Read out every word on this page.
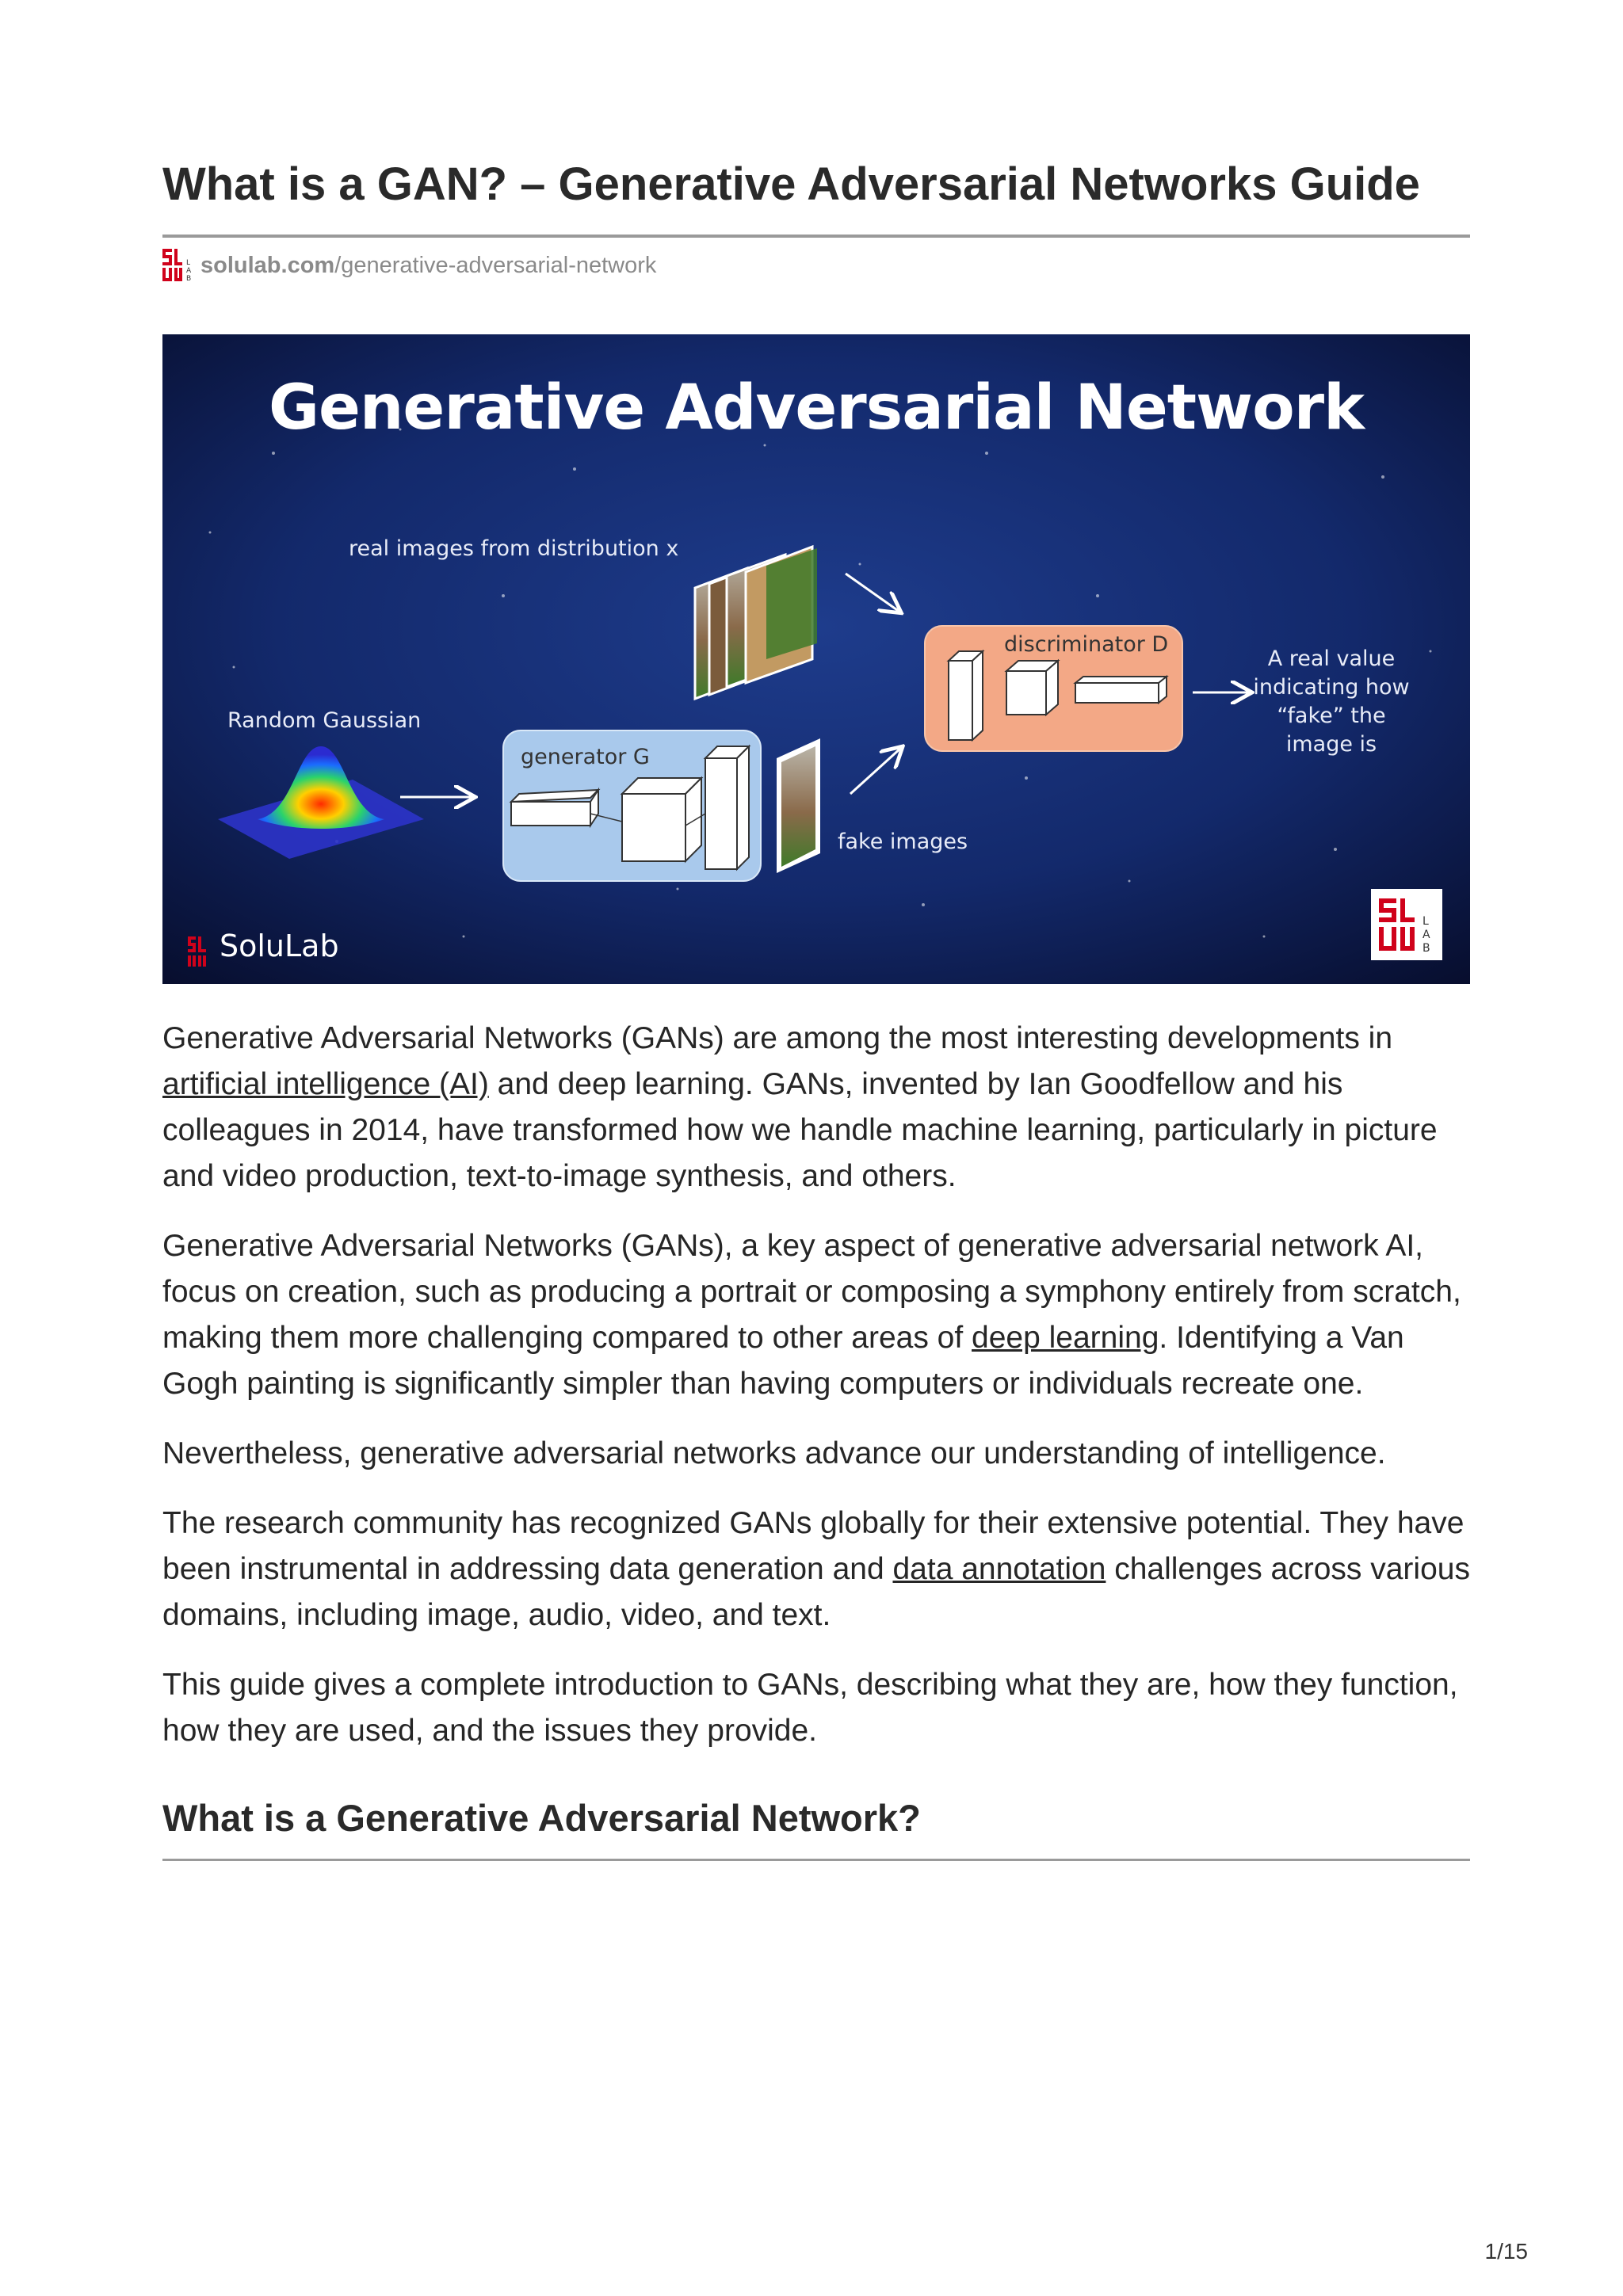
What is a GAN? – Generative Adversarial Networks Guide
L
A
B
solulab.com /generative-adversarial-network
L
A
B
Generative Adversarial Network
real images from distribution x
Random Gaussian
generator G
discriminator D
fake images
A real value indicating how “fake” the image is
SoluLab

Generative Adversarial Networks (GANs) are among the most interesting developments in artificial intelligence (AI) and deep learning. GANs, invented by Ian Goodfellow and his colleagues in 2014, have transformed how we handle machine learning, particularly in picture and video production, text-to-image synthesis, and others.

Generative Adversarial Networks (GANs), a key aspect of generative adversarial network AI, focus on creation, such as producing a portrait or composing a symphony entirely from scratch, making them more challenging compared to other areas of deep learning. Identifying a Van Gogh painting is significantly simpler than having computers or individuals recreate one.

Nevertheless, generative adversarial networks advance our understanding of intelligence.

The research community has recognized GANs globally for their extensive potential. They have been instrumental in addressing data generation and data annotation challenges across various domains, including image, audio, video, and text.

This guide gives a complete introduction to GANs, describing what they are, how they function, how they are used, and the issues they provide.

What is a Generative Adversarial Network?
1/15
